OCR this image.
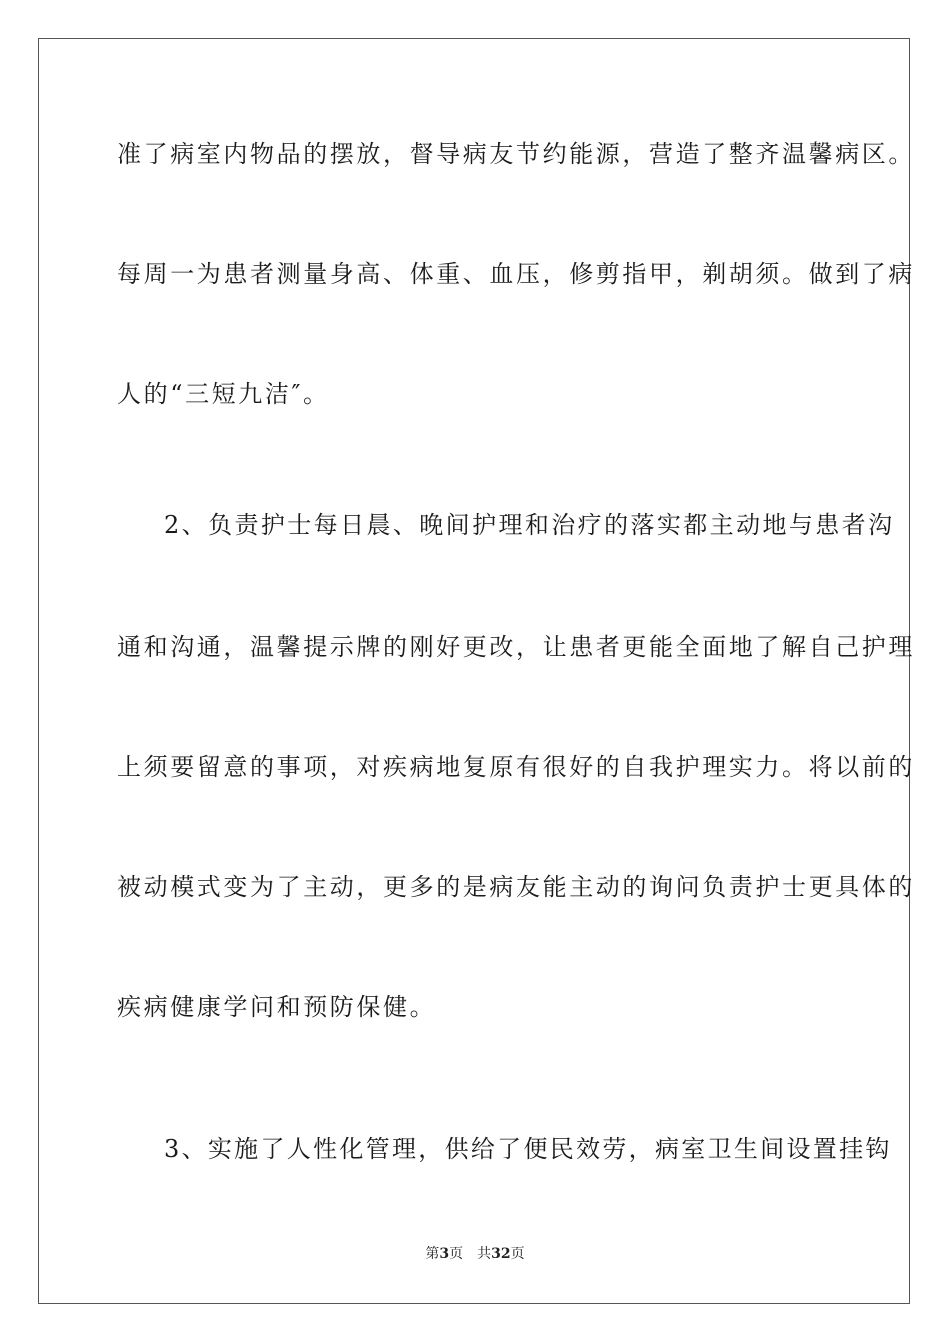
准了病室内物品的摆放，督导病友节约能源，营造了整齐温馨病区。
每周一为患者测量身高、体重、血压，修剪指甲，剃胡须。做到了病
人的“三短九洁″。
2、负责护士每日晨、晚间护理和治疗的落实都主动地与患者沟
通和沟通，温馨提示牌的刚好更改，让患者更能全面地了解自己护理
上须要留意的事项，对疾病地复原有很好的自我护理实力。将以前的
被动模式变为了主动，更多的是病友能主动的询问负责护士更具体的
疾病健康学问和预防保健。
3、实施了人性化管理，供给了便民效劳，病室卫生间设置挂钩
第3页 共32页
